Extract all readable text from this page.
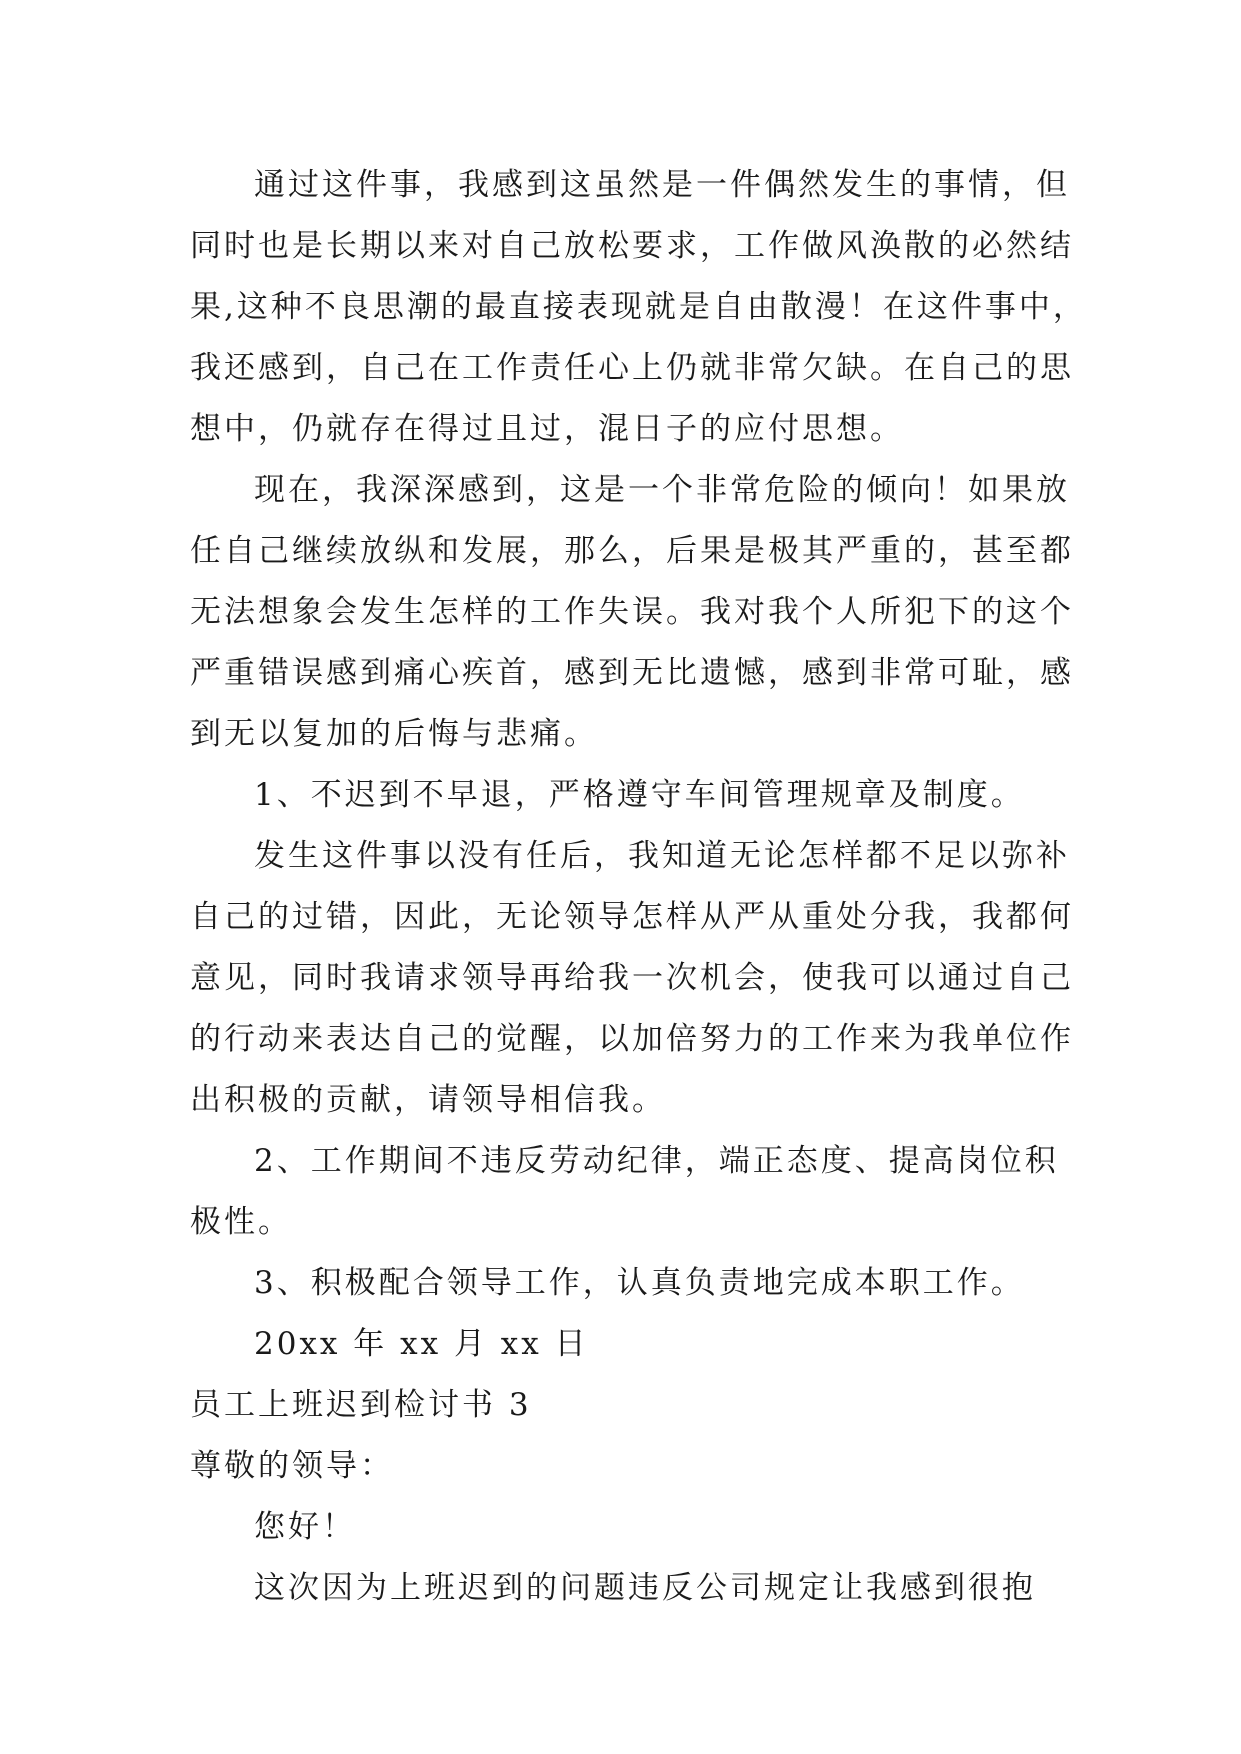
通过这件事，我感到这虽然是一件偶然发生的事情，但
同时也是长期以来对自己放松要求，工作做风涣散的必然结
果,这种不良思潮的最直接表现就是自由散漫！在这件事中，
我还感到，自己在工作责任心上仍就非常欠缺。在自己的思
想中，仍就存在得过且过，混日子的应付思想。
现在，我深深感到，这是一个非常危险的倾向！如果放
任自己继续放纵和发展，那么，后果是极其严重的，甚至都
无法想象会发生怎样的工作失误。我对我个人所犯下的这个
严重错误感到痛心疾首，感到无比遗憾，感到非常可耻，感
到无以复加的后悔与悲痛。
1、不迟到不早退，严格遵守车间管理规章及制度。
发生这件事以没有任后，我知道无论怎样都不足以弥补
自己的过错，因此，无论领导怎样从严从重处分我，我都何
意见，同时我请求领导再给我一次机会，使我可以通过自己
的行动来表达自己的觉醒，以加倍努力的工作来为我单位作
出积极的贡献，请领导相信我。
2、工作期间不违反劳动纪律，端正态度、提高岗位积
极性。
3、积极配合领导工作，认真负责地完成本职工作。
20xx 年 xx 月 xx 日
员工上班迟到检讨书 3
尊敬的领导：
您好！
这次因为上班迟到的问题违反公司规定让我感到很抱
